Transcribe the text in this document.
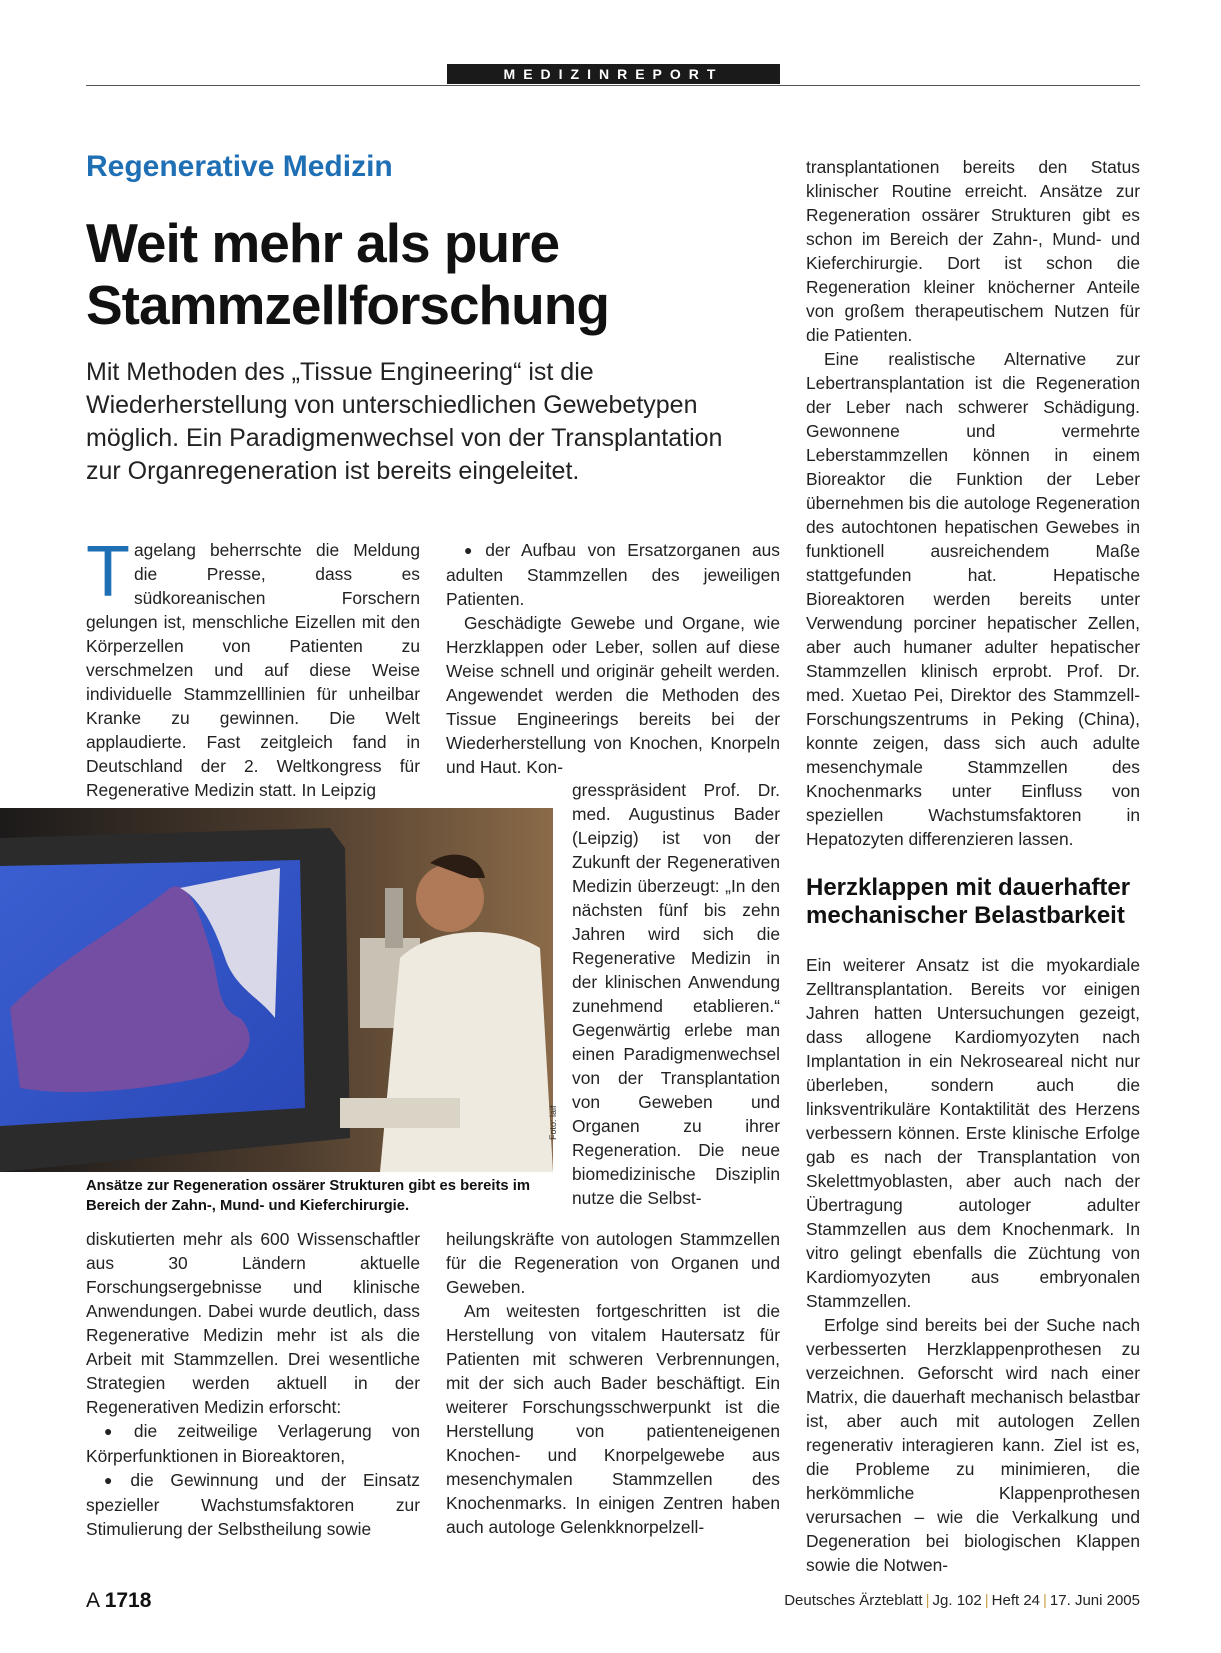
MEDIZINREPORT
Regenerative Medizin
Weit mehr als pure Stammzellforschung

Mit Methoden des „Tissue Engineering“ ist die Wiederherstellung von unterschiedlichen Gewebetypen möglich. Ein Paradigmenwechsel von der Transplantation zur Organregeneration ist bereits eingeleitet.

Tagelang beherrschte die Meldung die Presse, dass es südkoreanischen Forschern gelungen ist, menschliche Eizellen mit den Körperzellen von Patienten zu verschmelzen und auf diese Weise individuelle Stammzelllinien für unheilbar Kranke zu gewinnen. Die Welt applaudierte. Fast zeitgleich fand in Deutschland der 2. Weltkongress für Regenerative Medizin statt. In Leipzig

● der Aufbau von Ersatzorganen aus adulten Stammzellen des jeweiligen Patienten.

Geschädigte Gewebe und Organe, wie Herzklappen oder Leber, sollen auf diese Weise schnell und originär geheilt werden. Angewendet werden die Methoden des Tissue Engineerings bereits bei der Wiederherstellung von Knochen, Knorpeln und Haut. Kon-

gresspräsident Prof. Dr. med. Augustinus Bader (Leipzig) ist von der Zukunft der Regenerativen Medizin überzeugt: „In den nächsten fünf bis zehn Jahren wird sich die Regenerative Medizin in der klinischen Anwendung zunehmend etablieren.“ Gegenwärtig erlebe man einen Paradigmenwechsel von der Transplantation von Geweben und Organen zu ihrer Regeneration. Die neue biomedizinische Disziplin nutze die Selbst-

Foto: laif
Ansätze zur Regeneration ossärer Strukturen gibt es bereits im Bereich der Zahn-, Mund- und Kieferchirurgie.

diskutierten mehr als 600 Wissenschaftler aus 30 Ländern aktuelle Forschungsergebnisse und klinische Anwendungen. Dabei wurde deutlich, dass Regenerative Medizin mehr ist als die Arbeit mit Stammzellen. Drei wesentliche Strategien werden aktuell in der Regenerativen Medizin erforscht:

● die zeitweilige Verlagerung von Körperfunktionen in Bioreaktoren,

● die Gewinnung und der Einsatz spezieller Wachstumsfaktoren zur Stimulierung der Selbstheilung sowie

heilungskräfte von autologen Stammzellen für die Regeneration von Organen und Geweben.

Am weitesten fortgeschritten ist die Herstellung von vitalem Hautersatz für Patienten mit schweren Verbrennungen, mit der sich auch Bader beschäftigt. Ein weiterer Forschungsschwerpunkt ist die Herstellung von patienteneigenen Knochen- und Knorpelgewebe aus mesenchymalen Stammzellen des Knochenmarks. In einigen Zentren haben auch autologe Gelenkknorpelzell-

transplantationen bereits den Status klinischer Routine erreicht. Ansätze zur Regeneration ossärer Strukturen gibt es schon im Bereich der Zahn-, Mund- und Kieferchirurgie. Dort ist schon die Regeneration kleiner knöcherner Anteile von großem therapeutischem Nutzen für die Patienten.

Eine realistische Alternative zur Lebertransplantation ist die Regeneration der Leber nach schwerer Schädigung. Gewonnene und vermehrte Leberstammzellen können in einem Bioreaktor die Funktion der Leber übernehmen bis die autologe Regeneration des autochtonen hepatischen Gewebes in funktionell ausreichendem Maße stattgefunden hat. Hepatische Bioreaktoren werden bereits unter Verwendung porciner hepatischer Zellen, aber auch humaner adulter hepatischer Stammzellen klinisch erprobt. Prof. Dr. med. Xuetao Pei, Direktor des Stammzell-Forschungszentrums in Peking (China), konnte zeigen, dass sich auch adulte mesenchymale Stammzellen des Knochenmarks unter Einfluss von speziellen Wachstumsfaktoren in Hepatozyten differenzieren lassen.

Herzklappen mit dauerhafter mechanischer Belastbarkeit

Ein weiterer Ansatz ist die myokardiale Zelltransplantation. Bereits vor einigen Jahren hatten Untersuchungen gezeigt, dass allogene Kardiomyozyten nach Implantation in ein Nekroseareal nicht nur überleben, sondern auch die linksventrikuläre Kontaktilität des Herzens verbessern können. Erste klinische Erfolge gab es nach der Transplantation von Skelettmyoblasten, aber auch nach der Übertragung autologer adulter Stammzellen aus dem Knochenmark. In vitro gelingt ebenfalls die Züchtung von Kardiomyozyten aus embryonalen Stammzellen.

Erfolge sind bereits bei der Suche nach verbesserten Herzklappenprothesen zu verzeichnen. Geforscht wird nach einer Matrix, die dauerhaft mechanisch belastbar ist, aber auch mit autologen Zellen regenerativ interagieren kann. Ziel ist es, die Probleme zu minimieren, die herkömmliche Klappenprothesen verursachen – wie die Verkalkung und Degeneration bei biologischen Klappen sowie die Notwen-

A 1718	Deutsches Ärzteblatt | Jg. 102 | Heft 24 | 17. Juni 2005
